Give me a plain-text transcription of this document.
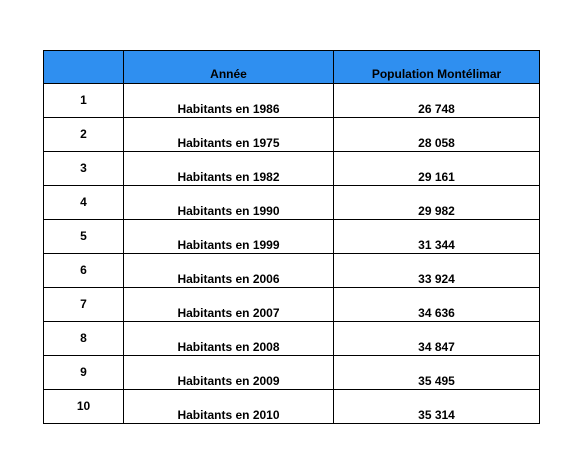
	Année	Population Montélimar
1	Habitants en 1986	26 748
2	Habitants en 1975	28 058
3	Habitants en 1982	29 161
4	Habitants en 1990	29 982
5	Habitants en 1999	31 344
6	Habitants en 2006	33 924
7	Habitants en 2007	34 636
8	Habitants en 2008	34 847
9	Habitants en 2009	35 495
10	Habitants en 2010	35 314
